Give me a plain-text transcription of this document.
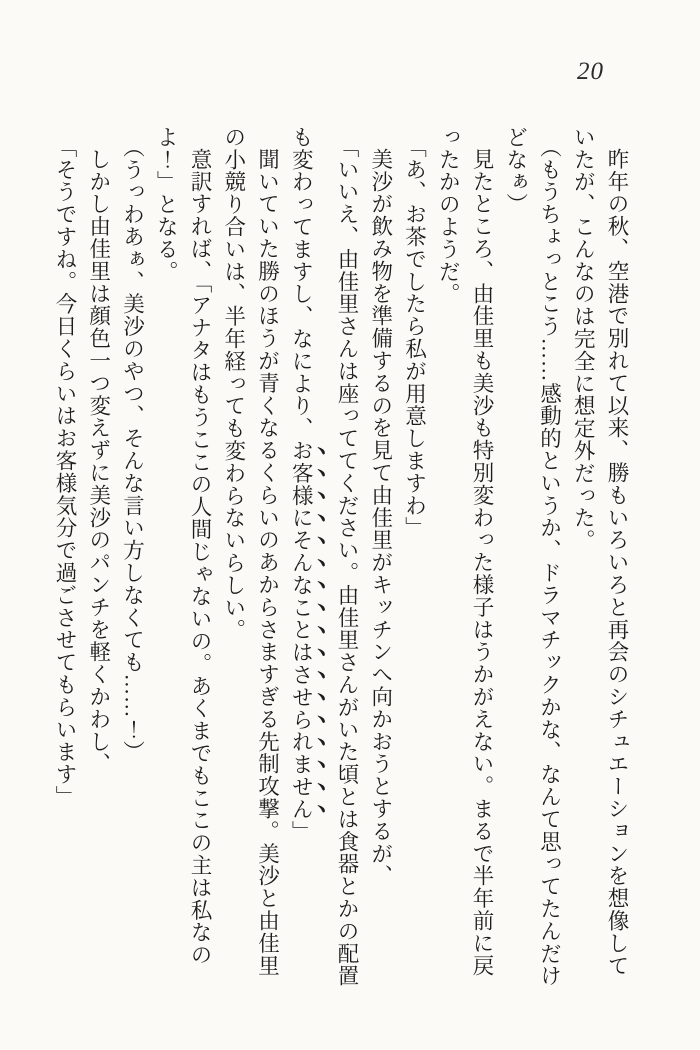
20

昨年の秋、空港で別れて以来、勝もいろいろと再会のシチュエーションを想像していたが、こんなのは完全に想定外だった。

（もうちょっとこう……感動的というか、ドラマチックかな、なんて思ってたんだけどなぁ）

見たところ、由佳里も美沙も特別変わった様子はうかがえない。まるで半年前に戻ったかのようだ。

「あ、お茶でしたら私が用意しますわ」

美沙が飲み物を準備するのを見て由佳里がキッチンへ向かおうとするが、

「いいえ、由佳里さんは座っててください。由佳里さんがいた頃とは食器とかの配置も変わってますし、なにより、お客様にそんなことはさせられません」

聞いていた勝のほうが青くなるくらいのあからさますぎる先制攻撃。美沙と由佳里の小競り合いは、半年経っても変わらないらしい。

意訳すれば、「アナタはもうここの人間じゃないの。あくまでもここの主は私なのよ！」となる。

（うっわあぁ、美沙のやつ、そんな言い方しなくても……！）

しかし由佳里は顔色一つ変えずに美沙のパンチを軽くかわし、

「そうですね。今日くらいはお客様気分で過ごさせてもらいます」
